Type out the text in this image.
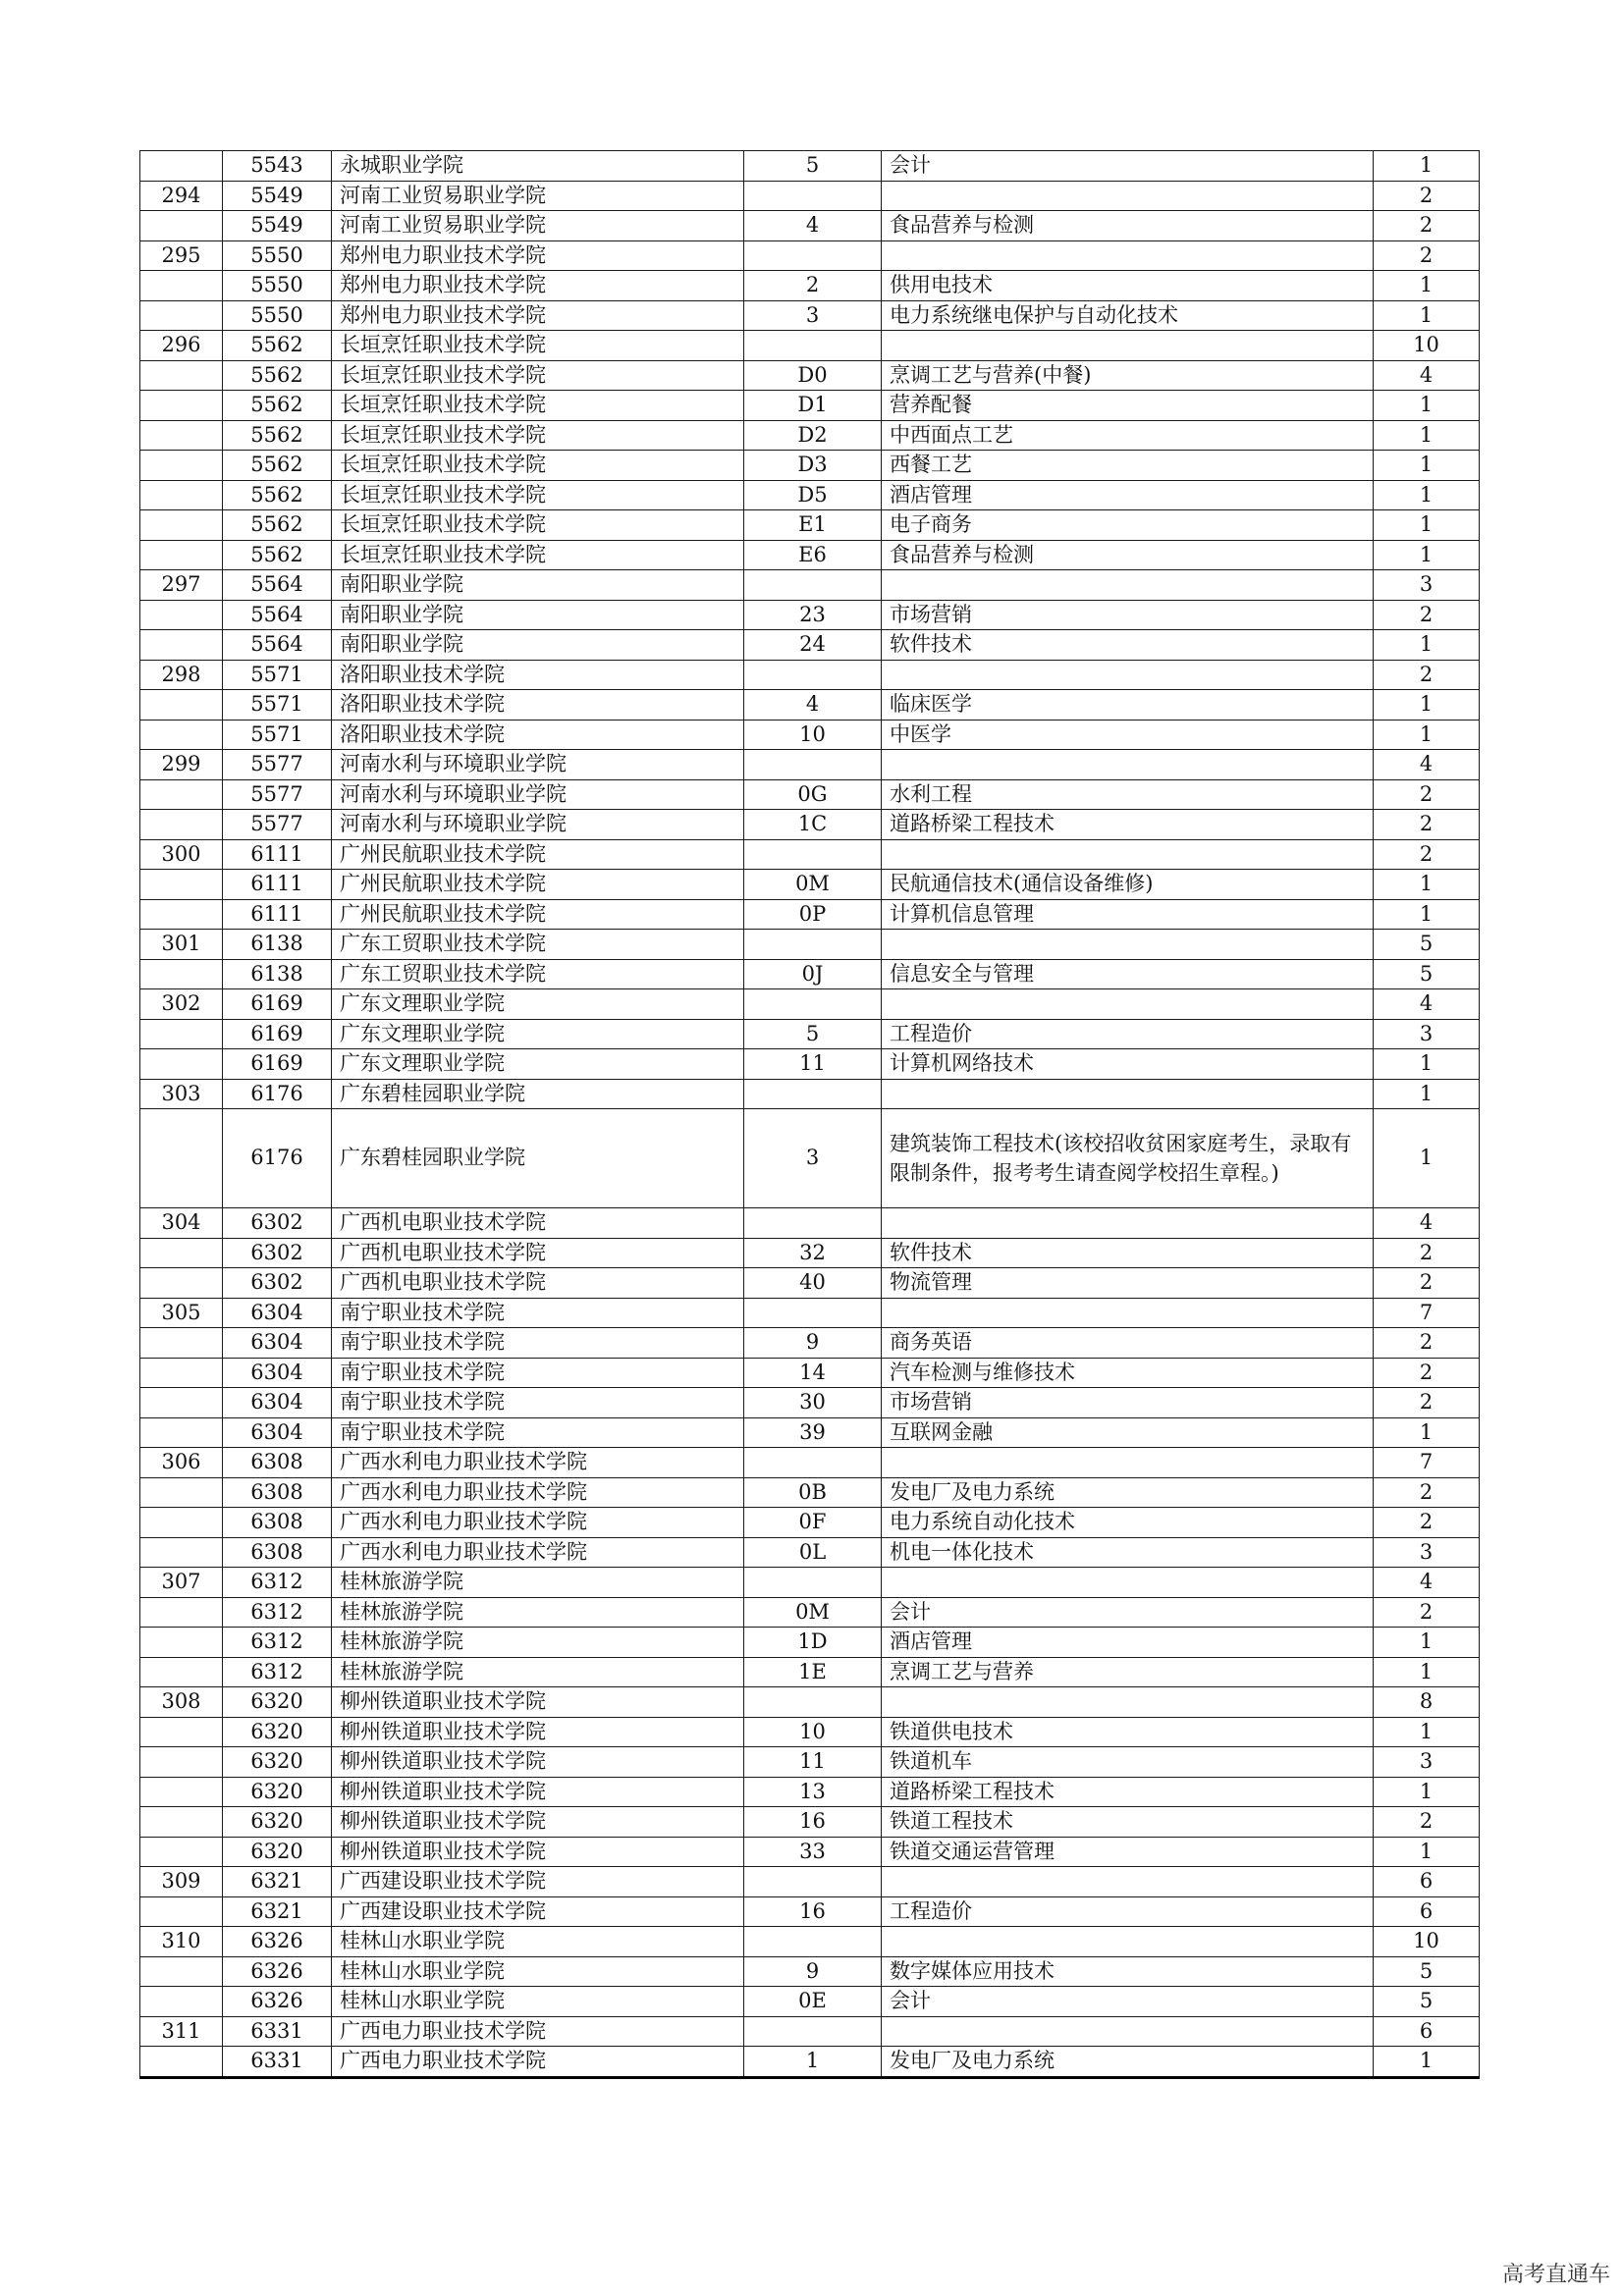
	5543	永城职业学院	5	会计	1
294	5549	河南工业贸易职业学院			2
	5549	河南工业贸易职业学院	4	食品营养与检测	2
295	5550	郑州电力职业技术学院			2
	5550	郑州电力职业技术学院	2	供用电技术	1
	5550	郑州电力职业技术学院	3	电力系统继电保护与自动化技术	1
296	5562	长垣烹饪职业技术学院			10
	5562	长垣烹饪职业技术学院	D0	烹调工艺与营养(中餐)	4
	5562	长垣烹饪职业技术学院	D1	营养配餐	1
	5562	长垣烹饪职业技术学院	D2	中西面点工艺	1
	5562	长垣烹饪职业技术学院	D3	西餐工艺	1
	5562	长垣烹饪职业技术学院	D5	酒店管理	1
	5562	长垣烹饪职业技术学院	E1	电子商务	1
	5562	长垣烹饪职业技术学院	E6	食品营养与检测	1
297	5564	南阳职业学院			3
	5564	南阳职业学院	23	市场营销	2
	5564	南阳职业学院	24	软件技术	1
298	5571	洛阳职业技术学院			2
	5571	洛阳职业技术学院	4	临床医学	1
	5571	洛阳职业技术学院	10	中医学	1
299	5577	河南水利与环境职业学院			4
	5577	河南水利与环境职业学院	0G	水利工程	2
	5577	河南水利与环境职业学院	1C	道路桥梁工程技术	2
300	6111	广州民航职业技术学院			2
	6111	广州民航职业技术学院	0M	民航通信技术(通信设备维修)	1
	6111	广州民航职业技术学院	0P	计算机信息管理	1
301	6138	广东工贸职业技术学院			5
	6138	广东工贸职业技术学院	0J	信息安全与管理	5
302	6169	广东文理职业学院			4
	6169	广东文理职业学院	5	工程造价	3
	6169	广东文理职业学院	11	计算机网络技术	1
303	6176	广东碧桂园职业学院			1
	6176	广东碧桂园职业学院	3	建筑装饰工程技术(该校招收贫困家庭考生，录取有限制条件，报考考生请查阅学校招生章程。)	1
304	6302	广西机电职业技术学院			4
	6302	广西机电职业技术学院	32	软件技术	2
	6302	广西机电职业技术学院	40	物流管理	2
305	6304	南宁职业技术学院			7
	6304	南宁职业技术学院	9	商务英语	2
	6304	南宁职业技术学院	14	汽车检测与维修技术	2
	6304	南宁职业技术学院	30	市场营销	2
	6304	南宁职业技术学院	39	互联网金融	1
306	6308	广西水利电力职业技术学院			7
	6308	广西水利电力职业技术学院	0B	发电厂及电力系统	2
	6308	广西水利电力职业技术学院	0F	电力系统自动化技术	2
	6308	广西水利电力职业技术学院	0L	机电一体化技术	3
307	6312	桂林旅游学院			4
	6312	桂林旅游学院	0M	会计	2
	6312	桂林旅游学院	1D	酒店管理	1
	6312	桂林旅游学院	1E	烹调工艺与营养	1
308	6320	柳州铁道职业技术学院			8
	6320	柳州铁道职业技术学院	10	铁道供电技术	1
	6320	柳州铁道职业技术学院	11	铁道机车	3
	6320	柳州铁道职业技术学院	13	道路桥梁工程技术	1
	6320	柳州铁道职业技术学院	16	铁道工程技术	2
	6320	柳州铁道职业技术学院	33	铁道交通运营管理	1
309	6321	广西建设职业技术学院			6
	6321	广西建设职业技术学院	16	工程造价	6
310	6326	桂林山水职业学院			10
	6326	桂林山水职业学院	9	数字媒体应用技术	5
	6326	桂林山水职业学院	0E	会计	5
311	6331	广西电力职业技术学院			6
	6331	广西电力职业技术学院	1	发电厂及电力系统	1
高考直通车
